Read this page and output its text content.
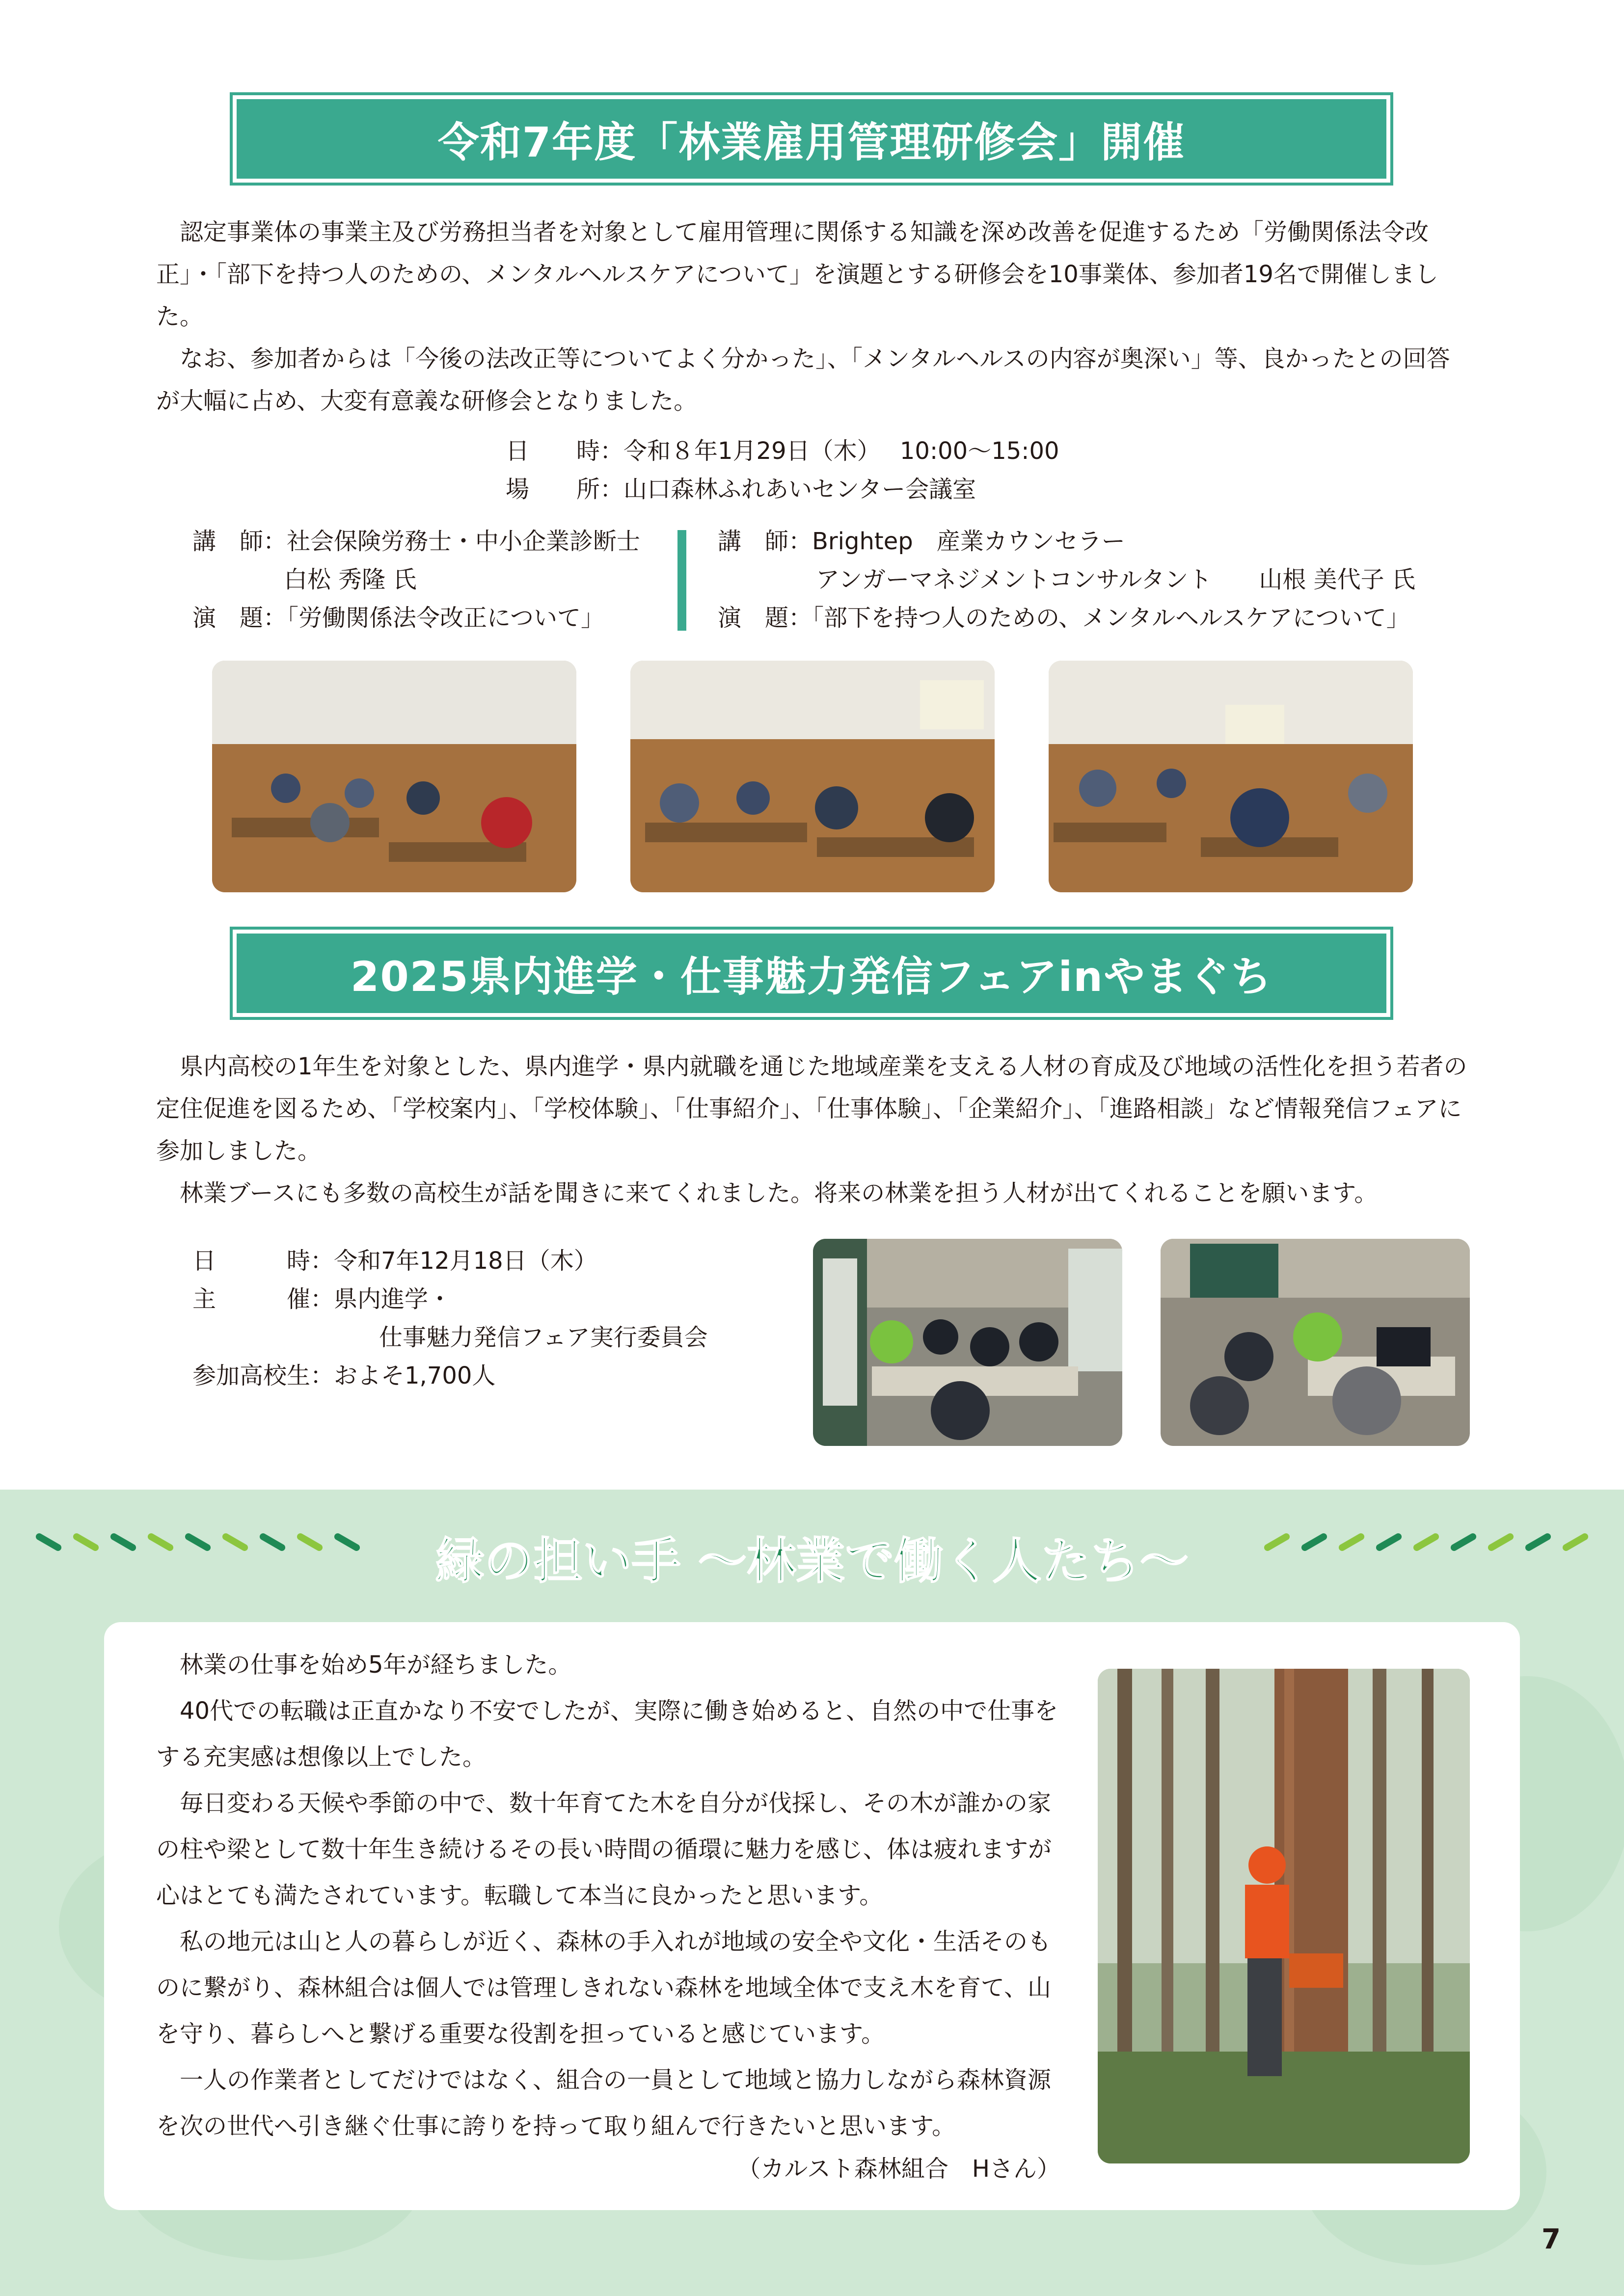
令和7年度「林業雇用管理研修会」開催

認定事業体の事業主及び労務担当者を対象として雇用管理に関係する知識を深め改善を促進するため「労働関係法令改正」・「部下を持つ人のための、メンタルヘルスケアについて」を演題とする研修会を10事業体、参加者19名で開催しました。

なお、参加者からは「今後の法改正等についてよく分かった」、「メンタルヘルスの内容が奥深い」等、良かったとの回答が大幅に占め、大変有意義な研修会となりました。

日　　時：令和８年1月29日（木）　 10:00～15:00
場　　所：山口森林ふれあいセンター会議室
講　師：社会保険労務士・中小企業診断士
白松 秀隆 氏
演　題：「労働関係法令改正について」
講　師：Brightep　産業カウンセラー
アンガーマネジメントコンサルタント　　山根 美代子 氏
演　題：「部下を持つ人のための、メンタルヘルスケアについて」
2025県内進学・仕事魅力発信フェアinやまぐち

県内高校の1年生を対象とした、県内進学・県内就職を通じた地域産業を支える人材の育成及び地域の活性化を担う若者の定住促進を図るため、「学校案内」、「学校体験」、「仕事紹介」、「仕事体験」、「企業紹介」、「進路相談」など情報発信フェアに参加しました。

林業ブースにも多数の高校生が話を聞きに来てくれました。将来の林業を担う人材が出てくれることを願います。

日　　　時：令和7年12月18日（木）
主　　　催：県内進学・
仕事魅力発信フェア実行委員会
参加高校生：およそ1,700人
緑の担い手 ～林業で働く人たち～

林業の仕事を始め5年が経ちました。

40代での転職は正直かなり不安でしたが、実際に働き始めると、自然の中で仕事をする充実感は想像以上でした。

毎日変わる天候や季節の中で、数十年育てた木を自分が伐採し、その木が誰かの家の柱や梁として数十年生き続けるその長い時間の循環に魅力を感じ、体は疲れますが心はとても満たされています。転職して本当に良かったと思います。

私の地元は山と人の暮らしが近く、森林の手入れが地域の安全や文化・生活そのものに繋がり、森林組合は個人では管理しきれない森林を地域全体で支え木を育て、山を守り、暮らしへと繋げる重要な役割を担っていると感じています。

一人の作業者としてだけではなく、組合の一員として地域と協力しながら森林資源を次の世代へ引き継ぐ仕事に誇りを持って取り組んで行きたいと思います。

（カルスト森林組合　Hさん）
7
